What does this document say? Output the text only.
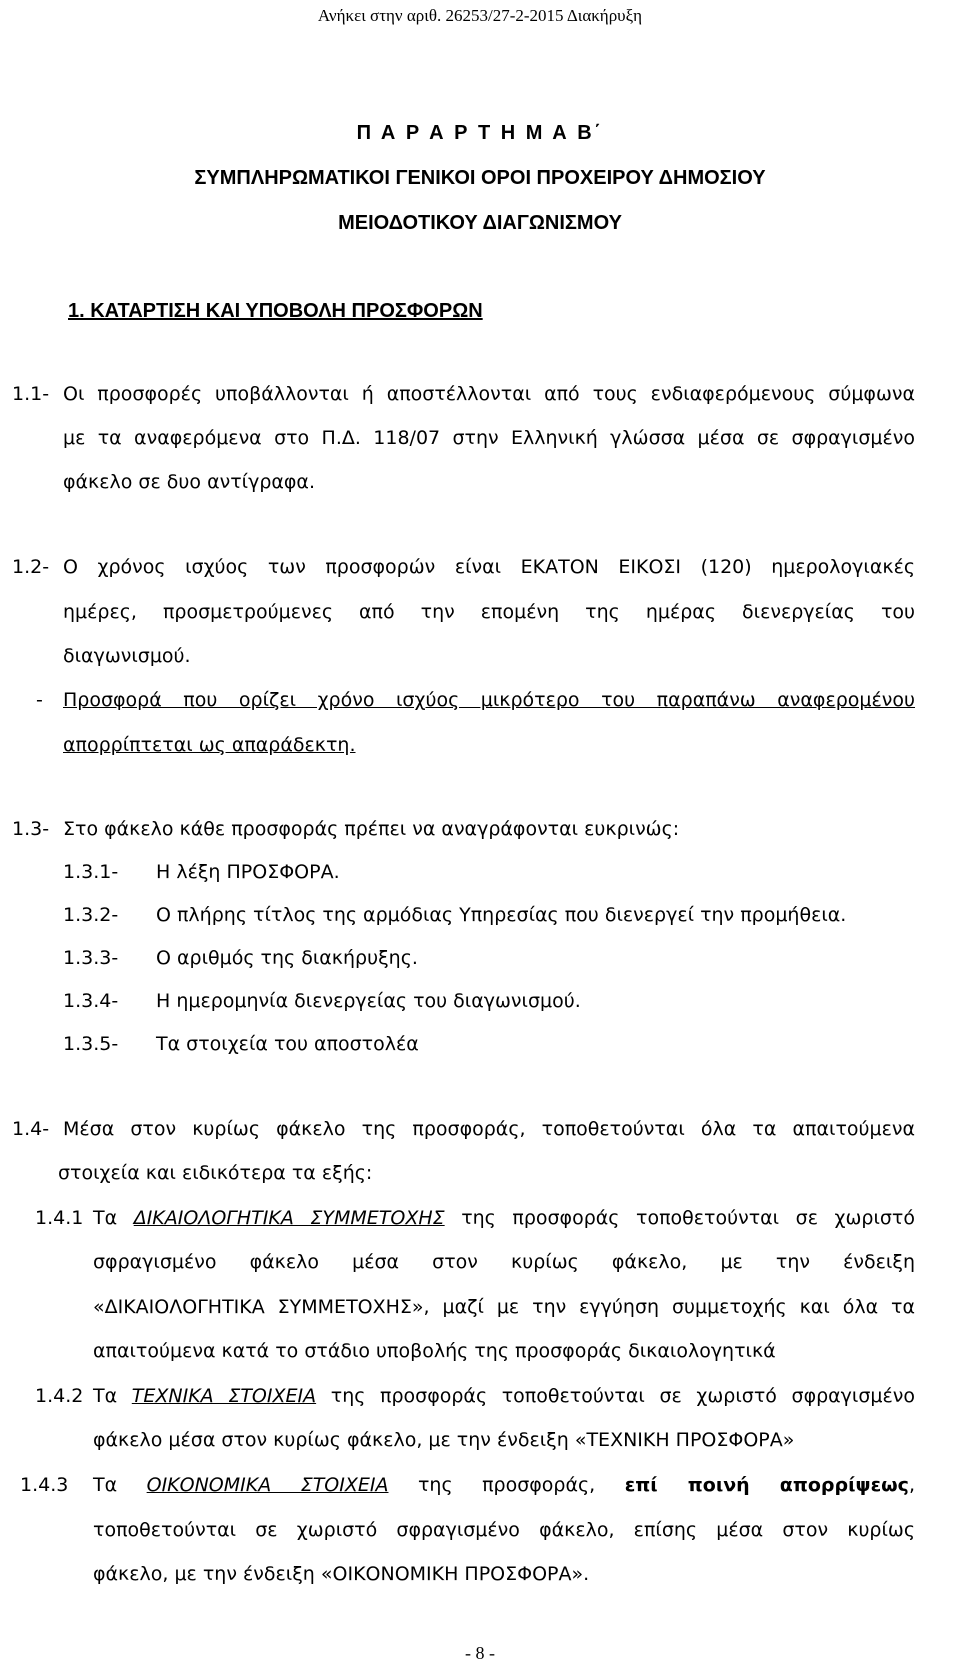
Ανήκει στην αριθ. 26253/27-2-2015 Διακήρυξη
Π Α Ρ Α Ρ Τ Η Μ Α Β΄
ΣΥΜΠΛΗΡΩΜΑΤΙΚΟΙ ΓΕΝΙΚΟΙ ΟΡΟΙ ΠΡΟΧΕΙΡΟΥ ΔΗΜΟΣΙΟΥ
ΜΕΙΟΔΟΤΙΚΟΥ ΔΙΑΓΩΝΙΣΜΟΥ
1. ΚΑΤΑΡΤΙΣΗ ΚΑΙ ΥΠΟΒΟΛΗ ΠΡΟΣΦΟΡΩΝ
1.1- Οι προσφορές υποβάλλονται ή αποστέλλονται από τους ενδιαφερόμενους σύμφωνα
με τα αναφερόμενα στο Π.Δ. 118/07 στην Ελληνική γλώσσα μέσα σε σφραγισμένο
φάκελο σε δυο αντίγραφα.
1.2- Ο χρόνος ισχύος των προσφορών είναι ΕΚΑΤΟΝ ΕΙΚΟΣΙ (120) ημερολογιακές
ημέρες, προσμετρούμενες από την επομένη της ημέρας διενεργείας του
διαγωνισμού.
- Προσφορά που ορίζει χρόνο ισχύος μικρότερο του παραπάνω αναφερομένου
απορρίπτεται ως απαράδεκτη.
1.3- Στο φάκελο κάθε προσφοράς πρέπει να αναγράφονται ευκρινώς:
1.3.1- Η λέξη ΠΡΟΣΦΟΡΑ.
1.3.2- Ο πλήρης τίτλος της αρμόδιας Υπηρεσίας που διενεργεί την προμήθεια.
1.3.3- Ο αριθμός της διακήρυξης.
1.3.4- Η ημερομηνία διενεργείας του διαγωνισμού.
1.3.5- Τα στοιχεία του αποστολέα
1.4- Μέσα στον κυρίως φάκελο της προσφοράς, τοποθετούνται όλα τα απαιτούμενα
στοιχεία και ειδικότερα τα εξής:
1.4.1 Τα ΔΙΚΑΙΟΛΟΓΗΤΙΚΑ ΣΥΜΜΕΤΟΧΗΣ της προσφοράς τοποθετούνται σε χωριστό
σφραγισμένο φάκελο μέσα στον κυρίως φάκελο, με την ένδειξη
«ΔΙΚΑΙΟΛΟΓΗΤΙΚΑ ΣΥΜΜΕΤΟΧΗΣ», μαζί με την εγγύηση συμμετοχής και όλα τα
απαιτούμενα κατά το στάδιο υποβολής της προσφοράς δικαιολογητικά
1.4.2 Τα ΤΕΧΝΙΚΑ ΣΤΟΙΧΕΙΑ της προσφοράς τοποθετούνται σε χωριστό σφραγισμένο
φάκελο μέσα στον κυρίως φάκελο, με την ένδειξη «ΤΕΧΝΙΚΗ ΠΡΟΣΦΟΡΑ»
1.4.3 Τα ΟΙΚΟΝΟΜΙΚΑ ΣΤΟΙΧΕΙΑ της προσφοράς, επί ποινή απορρίψεως,
τοποθετούνται σε χωριστό σφραγισμένο φάκελο, επίσης μέσα στον κυρίως
φάκελο, με την ένδειξη «ΟΙΚΟΝΟΜΙΚΗ ΠΡΟΣΦΟΡΑ».
- 8 -
